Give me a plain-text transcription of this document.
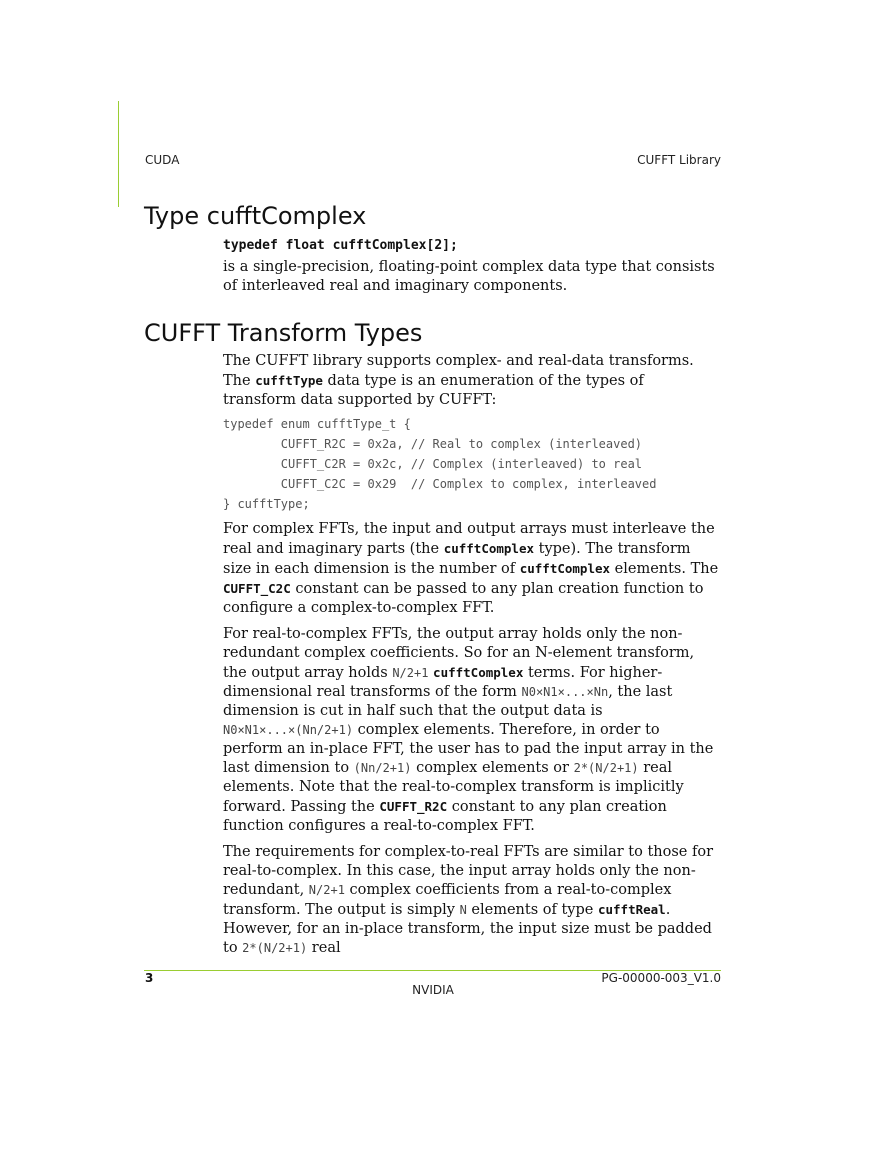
CUDA	CUFFT Library
Type cufftComplex
typedef float cufftComplex[2];

is a single-precision, floating-point complex data type that consists of interleaved real and imaginary components.

CUFFT Transform Types

The CUFFT library supports complex- and real-data transforms. The cufftType data type is an enumeration of the types of transform data supported by CUFFT:

typedef enum cufftType_t {
CUFFT_R2C = 0x2a, // Real to complex (interleaved)
CUFFT_C2R = 0x2c, // Complex (interleaved) to real
CUFFT_C2C = 0x29  // Complex to complex, interleaved
} cufftType;

For complex FFTs, the input and output arrays must interleave the real and imaginary parts (the cufftComplex type). The transform size in each dimension is the number of cufftComplex elements. The CUFFT_C2C constant can be passed to any plan creation function to configure a complex-to-complex FFT.

For real-to-complex FFTs, the output array holds only the non-redundant complex coefficients. So for an N-element transform, the output array holds N/2+1 cufftComplex terms. For higher-dimensional real transforms of the form N0×N1×...×Nn, the last dimension is cut in half such that the output data is N0×N1×...×(Nn/2+1) complex elements. Therefore, in order to perform an in-place FFT, the user has to pad the input array in the last dimension to (Nn/2+1) complex elements or 2*(N/2+1) real elements. Note that the real-to-complex transform is implicitly forward. Passing the CUFFT_R2C constant to any plan creation function configures a real-to-complex FFT.

The requirements for complex-to-real FFTs are similar to those for real-to-complex. In this case, the input array holds only the non-redundant, N/2+1 complex coefficients from a real-to-complex transform. The output is simply N elements of type cufftReal. However, for an in-place transform, the input size must be padded to 2*(N/2+1) real

3	PG-00000-003_V1.0
NVIDIA
